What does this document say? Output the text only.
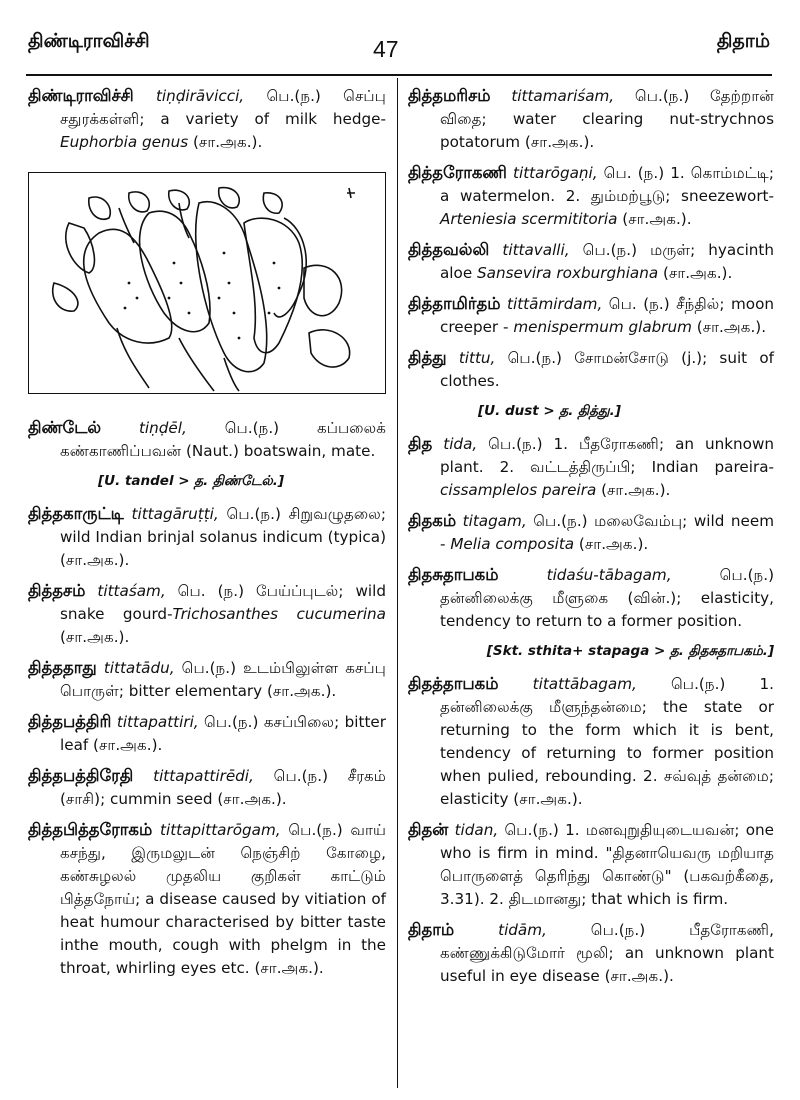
திண்டிராவிச்சி	47	திதாம்

திண்டிராவிச்சி tiṇḍirāvicci, பெ.(ந.) செப்பு சதுரக்கள்ளி; a variety of milk hedge-Euphorbia genus (சா.அக.).

திண்டேல் tiṇḍēl, பெ.(ந.) கப்பலைக் கண்காணிப்பவன் (Naut.) boatswain, mate.

[U. tandel > த. திண்டேல்.]

தித்தகாருட்டி tittagāruṭṭi, பெ.(ந.) சிறுவழுதலை; wild Indian brinjal solanus indicum (typica) (சா.அக.).

தித்தசம் tittaśam, பெ. (ந.) பேய்ப்புடல்; wild snake gourd-Trichosanthes cucumerina (சா.அக.).

தித்ததாது tittatādu, பெ.(ந.) உடம்பிலுள்ள கசப்பு பொருள்; bitter elementary (சா.அக.).

தித்தபத்திரி tittapattiri, பெ.(ந.) கசப்பிலை; bitter leaf (சா.அக.).

தித்தபத்திரேதி tittapattirēdi, பெ.(ந.) சீரகம் (சாசி); cummin seed (சா.அக.).

தித்தபித்தரோகம் tittapittarōgam, பெ.(ந.) வாய் கசந்து, இருமலுடன் நெஞ்சிற் கோழை, கண்சுழலல் முதலிய குறிகள் காட்டும் பித்தநோய்; a disease caused by vitiation of heat humour characterised by bitter taste inthe mouth, cough with phelgm in the throat, whirling eyes etc. (சா.அக.).

தித்தமரிசம் tittamariśam, பெ.(ந.) தேற்றான் விதை; water clearing nut-strychnos potatorum (சா.அக.).

தித்தரோகணி tittarōgaṇi, பெ. (ந.) 1. கொம்மட்டி; a watermelon. 2. தும்மற்பூடு; sneezewort-Arteniesia scermititoria (சா.அக.).

தித்தவல்லி tittavalli, பெ.(ந.) மருள்; hyacinth aloe Sansevira roxburghiana (சா.அக.).

தித்தாமிர்தம் tittāmirdam, பெ. (ந.) சீந்தில்; moon creeper - menispermum glabrum (சா.அக.).

தித்து tittu, பெ.(ந.) சோமன்சோடு (j.); suit of clothes.

[U. dust > த. தித்து.]

தித tida, பெ.(ந.) 1. பீதரோகணி; an unknown plant. 2. வட்டத்திருப்பி; Indian pareira-cissamplelos pareira (சா.அக.).

திதகம் titagam, பெ.(ந.) மலைவேம்பு; wild neem - Melia composita (சா.அக.).

திதசுதாபகம்	tidaśu-tābagam, பெ.(ந.) தன்னிலைக்கு மீளுகை (வின்.); elasticity, tendency to return to a former position.

[Skt. sthita+ stapaga > த. திதசுதாபகம்.]

திதத்தாபகம் titattābagam, பெ.(ந.) 1. தன்னிலைக்கு மீளுந்தன்மை; the state or returning to the form which it is bent, tendency of returning to former position when pulied, rebounding. 2. சவ்வுத் தன்மை; elasticity (சா.அக.).

திதன் tidan, பெ.(ந.) 1. மனவுறுதியுடையவன்; one who is firm in mind. "திதனாயெவரு மறியாத பொருளைத் தெரிந்து கொண்டு" (பகவற்கீதை, 3.31). 2. திடமானது; that which is firm.

திதாம்	tidām, பெ.(ந.) பீதரோகணி, கண்ணுக்கிடுமோர் மூலி; an unknown plant useful in eye disease (சா.அக.).
